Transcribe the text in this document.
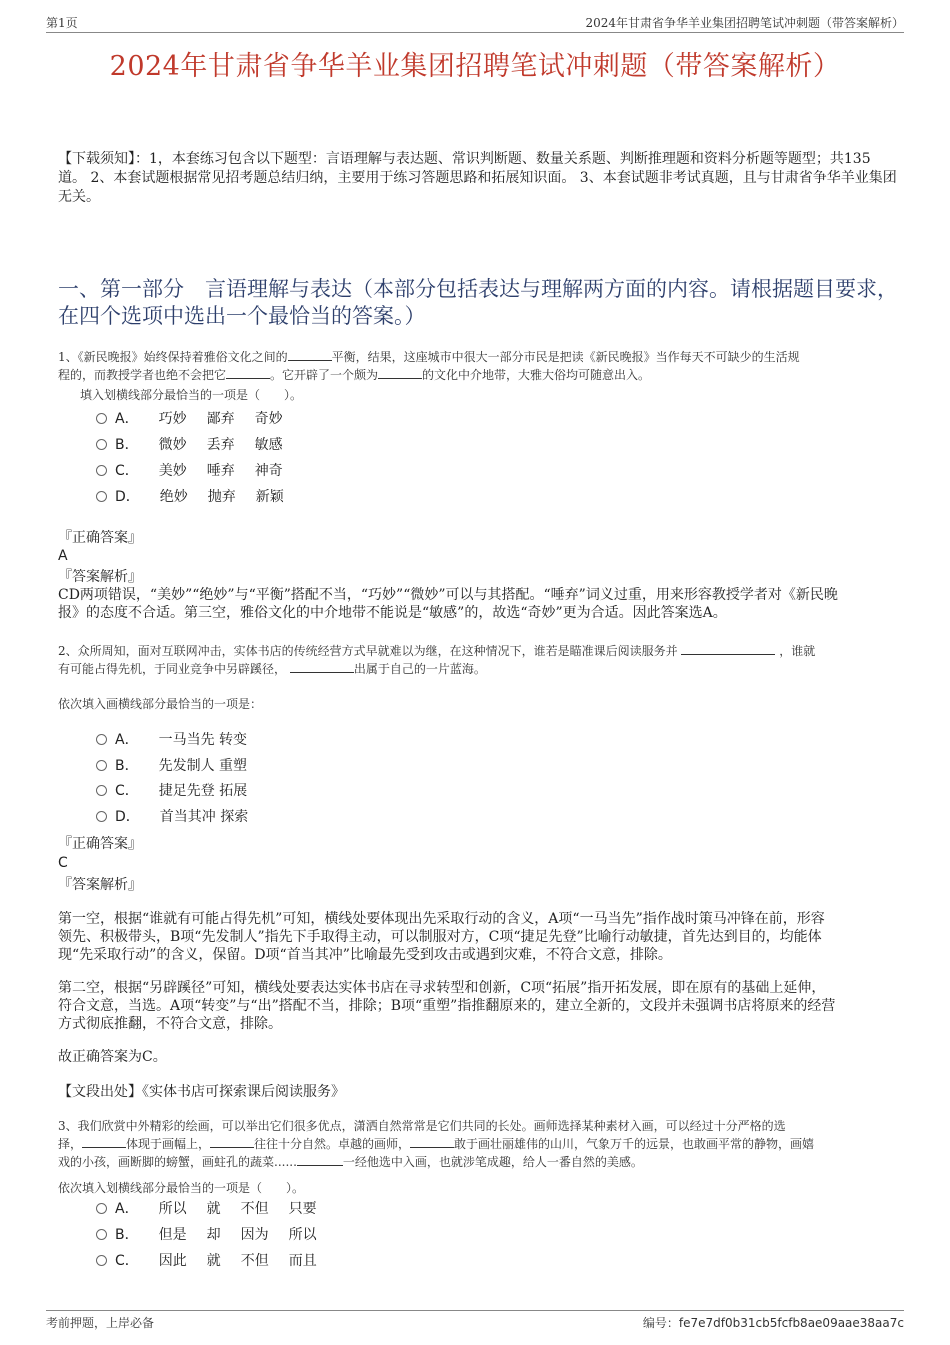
第1页	2024年甘肃省争华羊业集团招聘笔试冲刺题（带答案解析）
2024年甘肃省争华羊业集团招聘笔试冲刺题（带答案解析）
【下载须知】：1，本套练习包含以下题型：言语理解与表达题、常识判断题、数量关系题、判断推理题和资料分析题等题型；共135道。 2、本套试题根据常见招考题总结归纳，主要用于练习答题思路和拓展知识面。 3、本套试题非考试真题，且与甘肃省争华羊业集团无关。
一、第一部分　言语理解与表达（本部分包括表达与理解两方面的内容。请根据题目要求，在四个选项中选出一个最恰当的答案。）
1、《新民晚报》始终保持着雅俗文化之间的	平衡，结果，这座城市中很大一部分市民是把读《新民晚报》当作每天不可缺少的生活规
程的，而教授学者也绝不会把它	。它开辟了一个颇为	的文化中介地带，大雅大俗均可随意出入。
填入划横线部分最恰当的一项是（　　）。
A． 巧妙 鄙弃 奇妙
B． 微妙 丢弃 敏感
C． 美妙 唾弃 神奇
D． 绝妙 抛弃 新颖
『正确答案』
A
『答案解析』
CD两项错误，“美妙”“绝妙”与“平衡”搭配不当，“巧妙”“微妙”可以与其搭配。“唾弃”词义过重，用来形容教授学者对《新民晚
报》的态度不合适。第三空，雅俗文化的中介地带不能说是“敏感”的，故选“奇妙”更为合适。因此答案选A。
2、众所周知，面对互联网冲击，实体书店的传统经营方式早就难以为继，在这种情况下，谁若是瞄准课后阅读服务并	，谁就
有可能占得先机，于同业竞争中另辟蹊径，	出属于自己的一片蓝海。
依次填入画横线部分最恰当的一项是：
A． 一马当先 转变
B． 先发制人 重塑
C． 捷足先登 拓展
D． 首当其冲 探索
『正确答案』
C
『答案解析』
第一空，根据“谁就有可能占得先机”可知，横线处要体现出先采取行动的含义，A项“一马当先”指作战时策马冲锋在前，形容
领先、积极带头，B项“先发制人”指先下手取得主动，可以制服对方，C项“捷足先登”比喻行动敏捷，首先达到目的，均能体
现“先采取行动”的含义，保留。D项“首当其冲”比喻最先受到攻击或遇到灾难，不符合文意，排除。
第二空，根据“另辟蹊径”可知，横线处要表达实体书店在寻求转型和创新，C项“拓展”指开拓发展，即在原有的基础上延伸，
符合文意，当选。A项“转变”与“出”搭配不当，排除；B项“重塑”指推翻原来的，建立全新的，文段并未强调书店将原来的经营
方式彻底推翻，不符合文意，排除。
故正确答案为C。
【文段出处】《实体书店可探索课后阅读服务》
3、我们欣赏中外精彩的绘画，可以举出它们很多优点，潇洒自然常常是它们共同的长处。画师选择某种素材入画，可以经过十分严格的选
择，	体现于画幅上，	往往十分自然。卓越的画师，	敢于画壮丽雄伟的山川，气象万千的远景，也敢画平常的静物，画嬉
戏的小孩，画断脚的螃蟹，画蛀孔的蔬菜......	一经他选中入画，也就涉笔成趣，给人一番自然的美感。
依次填入划横线部分最恰当的一项是（　　）。
A． 所以 就 不但 只要
B． 但是 却 因为 所以
C． 因此 就 不但 而且
考前押题，上岸必备	编号：fe7e7df0b31cb5fcfb8ae09aae38aa7c
